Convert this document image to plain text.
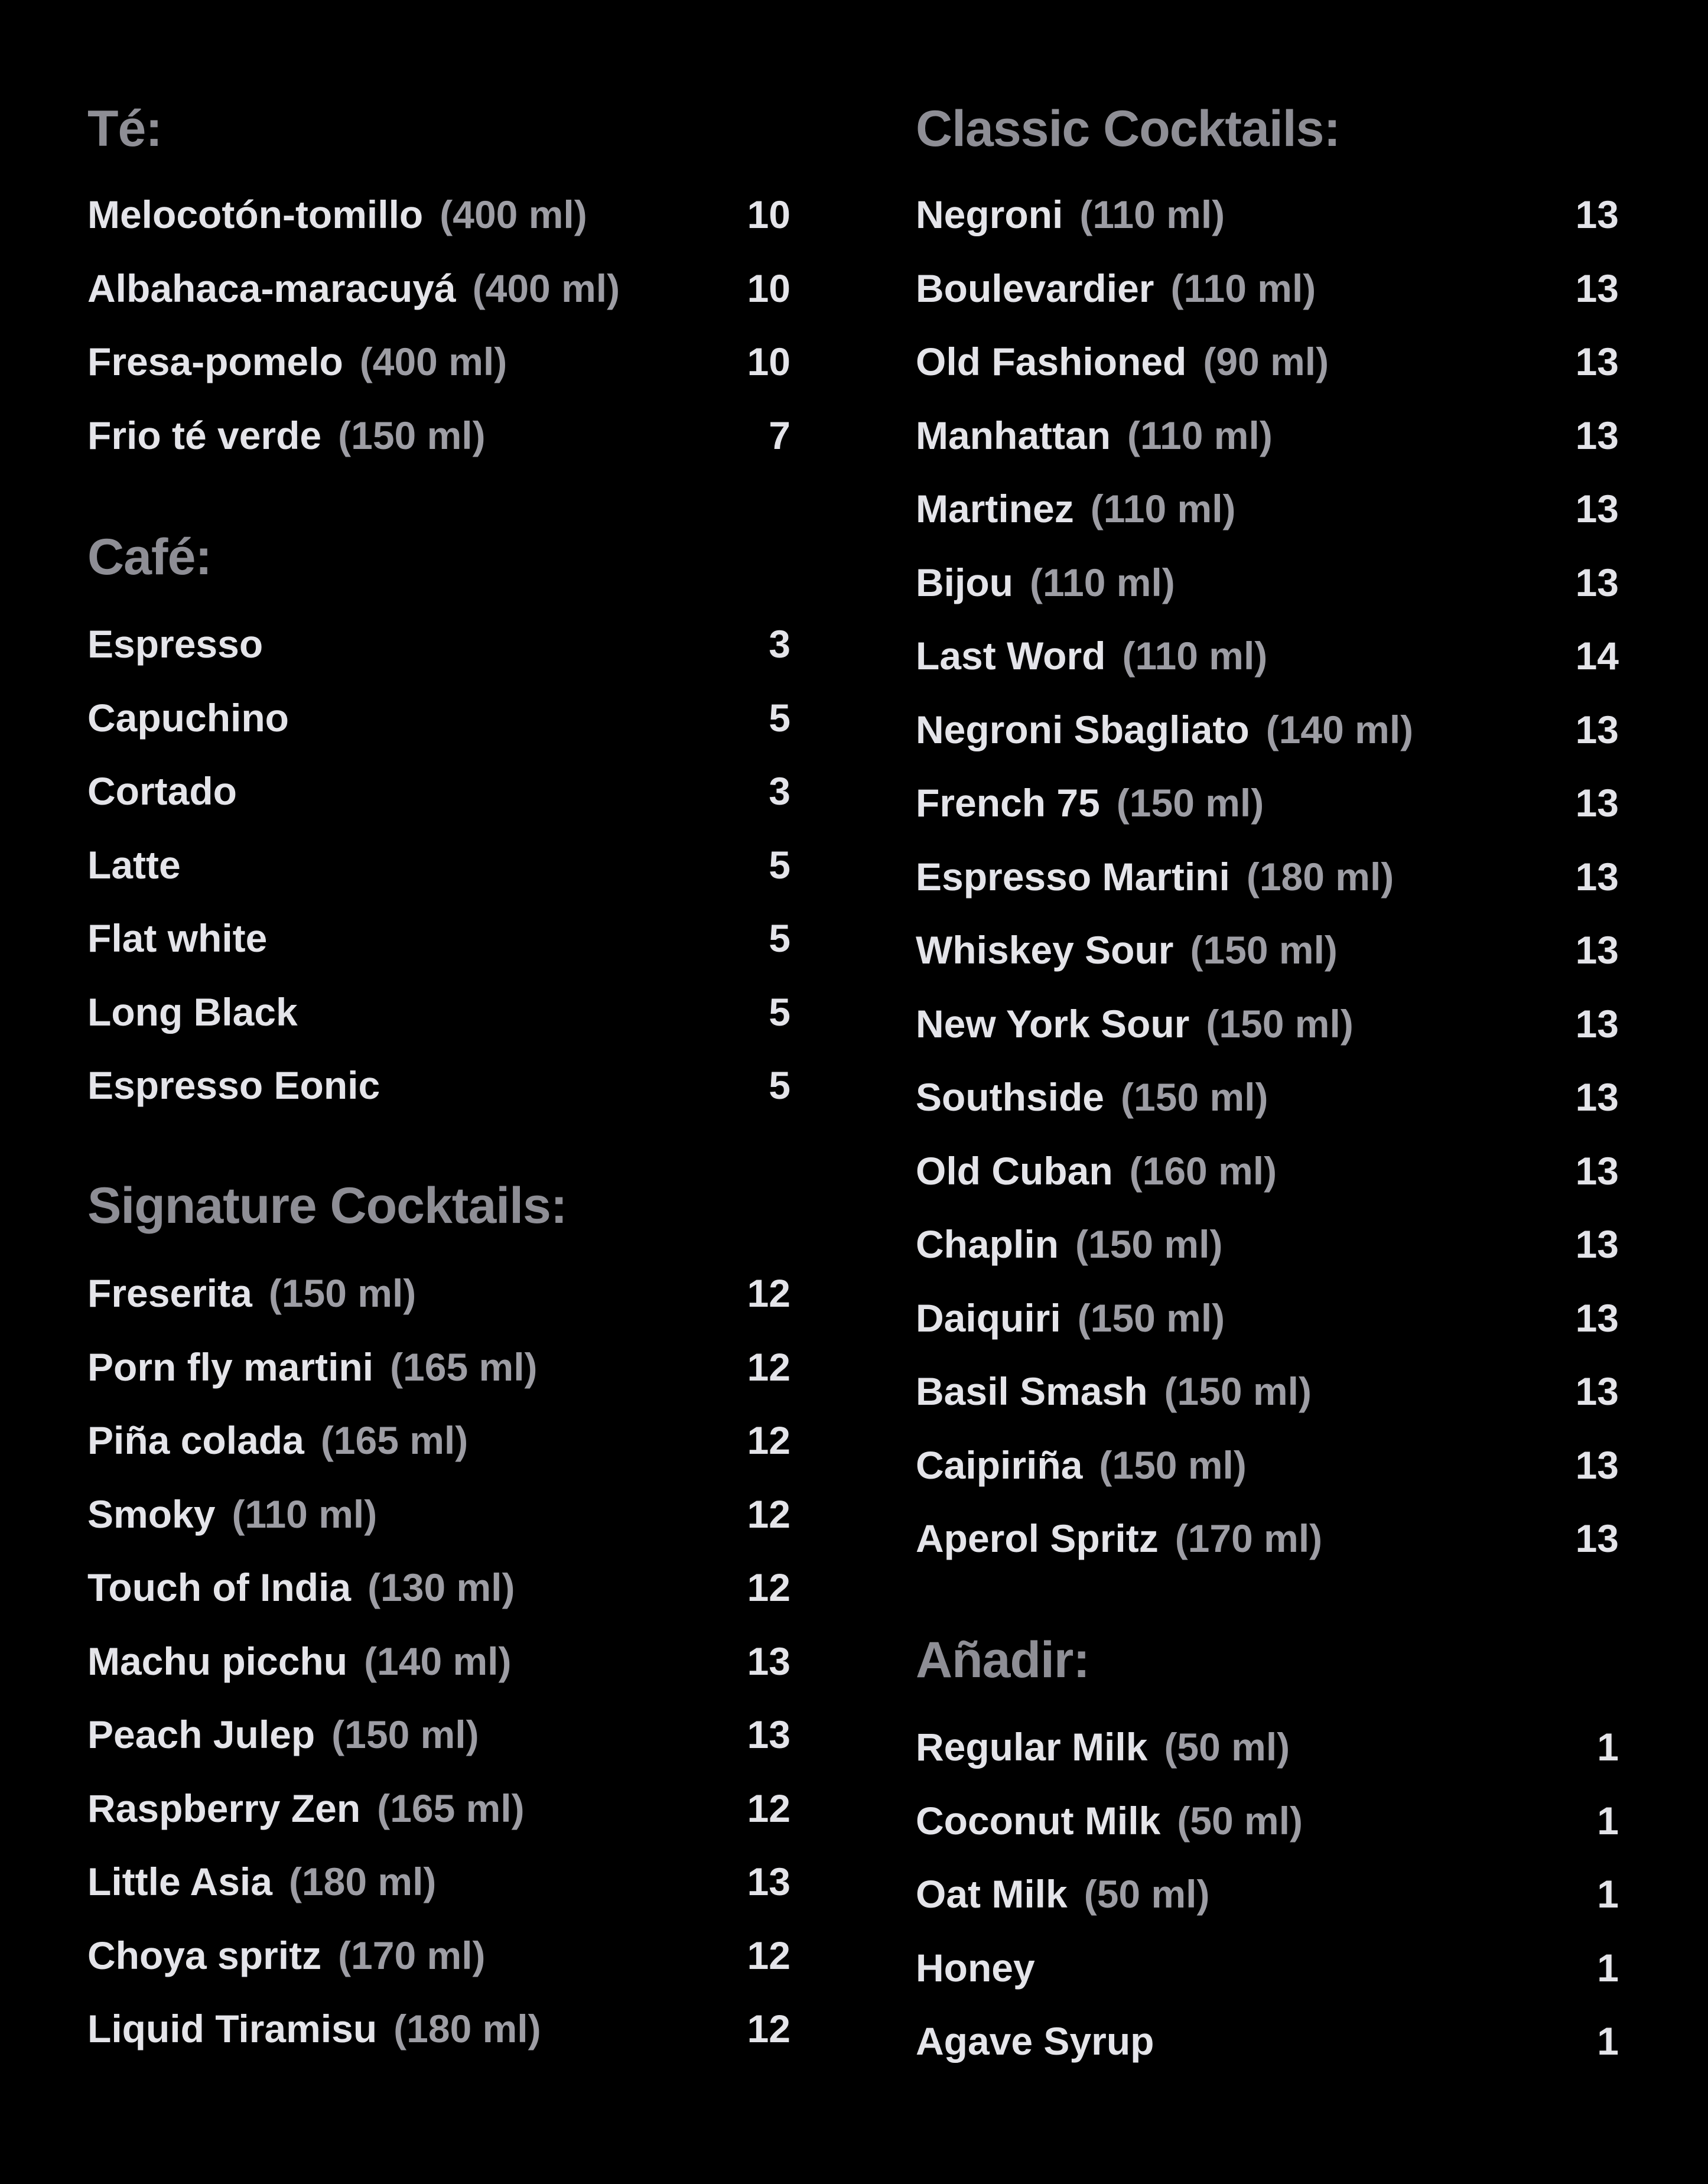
Té:
Melocotón-tomillo (400 ml)	10
Albahaca-maracuyá (400 ml)	10
Fresa-pomelo (400 ml)	10
Frio té verde (150 ml)	7
Café:
Espresso	3
Capuchino	5
Cortado	3
Latte	5
Flat white	5
Long Black	5
Espresso Eonic	5
Signature Cocktails:
Freserita (150 ml)	12
Porn fly martini (165 ml)	12
Piña colada (165 ml)	12
Smoky (110 ml)	12
Touch of India (130 ml)	12
Machu picchu (140 ml)	13
Peach Julep (150 ml)	13
Raspberry Zen (165 ml)	12
Little Asia (180 ml)	13
Choya spritz (170 ml)	12
Liquid Tiramisu (180 ml)	12
Classic Cocktails:
Negroni (110 ml)	13
Boulevardier (110 ml)	13
Old Fashioned (90 ml)	13
Manhattan (110 ml)	13
Martinez (110 ml)	13
Bijou (110 ml)	13
Last Word (110 ml)	14
Negroni Sbagliato (140 ml)	13
French 75 (150 ml)	13
Espresso Martini (180 ml)	13
Whiskey Sour (150 ml)	13
New York Sour (150 ml)	13
Southside (150 ml)	13
Old Cuban (160 ml)	13
Chaplin (150 ml)	13
Daiquiri (150 ml)	13
Basil Smash (150 ml)	13
Caipiriña (150 ml)	13
Aperol Spritz (170 ml)	13
Añadir:
Regular Milk (50 ml)	1
Coconut Milk (50 ml)	1
Oat Milk (50 ml)	1
Honey	1
Agave Syrup	1
